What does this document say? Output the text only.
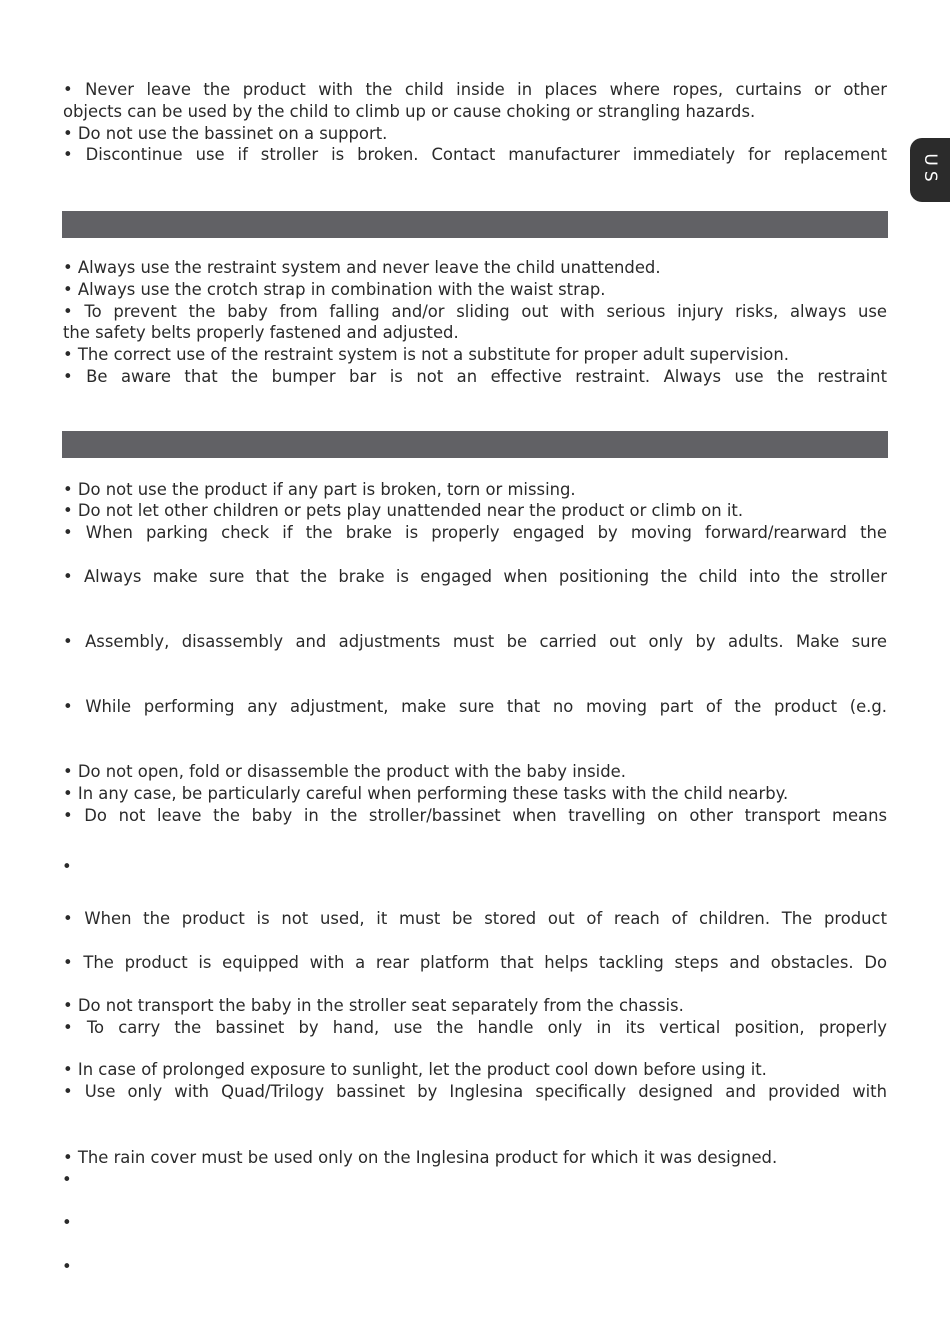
US

• Never leave the product with the child inside in places where ropes, curtains or other

objects can be used by the child to climb up or cause choking or strangling hazards.

• Do not use the bassinet on a support.

• Discontinue use if stroller is broken. Contact manufacturer immediately for replacement

• Always use the restraint system and never leave the child unattended.

• Always use the crotch strap in combination with the waist strap.

• To prevent the baby from falling and/or sliding out with serious injury risks, always use

the safety belts properly fastened and adjusted.

• The correct use of the restraint system is not a substitute for proper adult supervision.

• Be aware that the bumper bar is not an effective restraint. Always use the restraint

• Do not use the product if any part is broken, torn or missing.

• Do not let other children or pets play unattended near the product or climb on it.

• When parking check if the brake is properly engaged by moving forward/rearward the

• Always make sure that the brake is engaged when positioning the child into the stroller

• Assembly, disassembly and adjustments must be carried out only by adults. Make sure

• While performing any adjustment, make sure that no moving part of the product (e.g.

• Do not open, fold or disassemble the product with the baby inside.

• In any case, be particularly careful when performing these tasks with the child nearby.

• Do not leave the baby in the stroller/bassinet when travelling on other transport means

•

• When the product is not used, it must be stored out of reach of children. The product

• The product is equipped with a rear platform that helps tackling steps and obstacles. Do

• Do not transport the baby in the stroller seat separately from the chassis.

• To carry the bassinet by hand, use the handle only in its vertical position, properly

• In case of prolonged exposure to sunlight, let the product cool down before using it.

• Use only with Quad/Trilogy bassinet by Inglesina specifically designed and provided with

• The rain cover must be used only on the Inglesina product for which it was designed.

•
•
•
